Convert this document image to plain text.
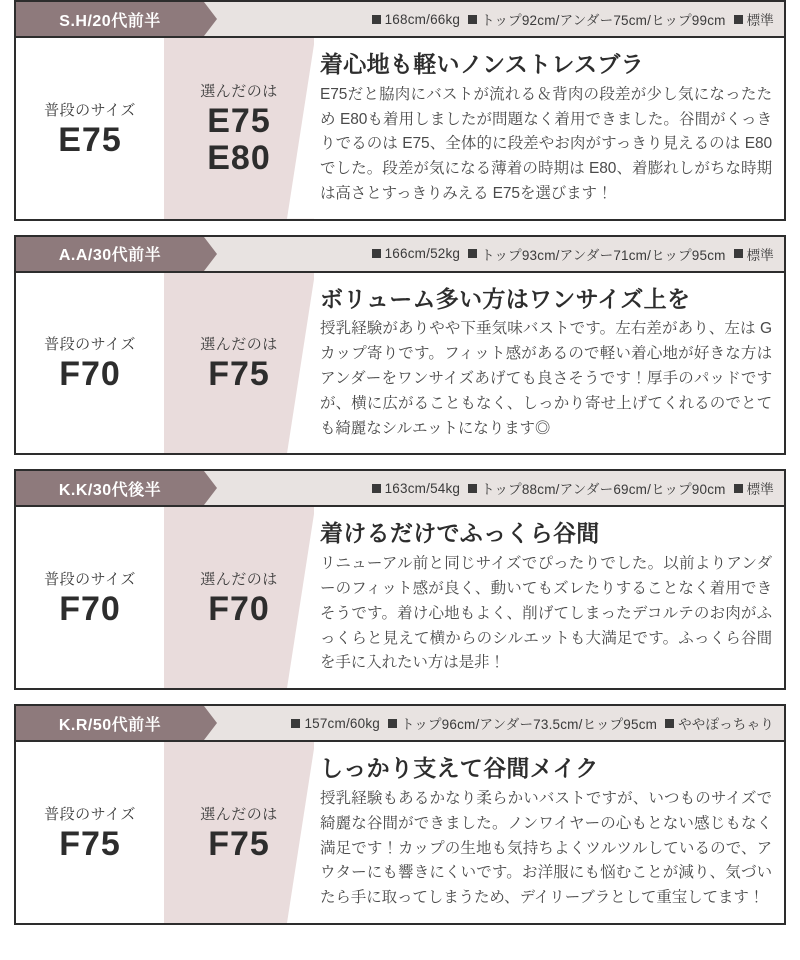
S.H/20代前半	168cm/66kg トップ92cm/アンダー75cm/ヒップ99cm 標準
普段のサイズ
E75
選んだのは
E75
E80
着心地も軽いノンストレスブラ
E75だと脇肉にバストが流れる＆背肉の段差が少し気になったため E80も着用しましたが問題なく着用できました。谷間がくっきりでるのは E75、全体的に段差やお肉がすっきり見えるのは E80でした。段差が気になる薄着の時期は E80、着膨れしがちな時期は高さとすっきりみえる E75を選びます！
A.A/30代前半	166cm/52kg トップ93cm/アンダー71cm/ヒップ95cm 標準
普段のサイズ
F70
選んだのは
F75
ボリューム多い方はワンサイズ上を
授乳経験がありやや下垂気味バストです。左右差があり、左は Gカップ寄りです。フィット感があるので軽い着心地が好きな方はアンダーをワンサイズあげても良さそうです！厚手のパッドですが、横に広がることもなく、しっかり寄せ上げてくれるのでとても綺麗なシルエットになります◎
K.K/30代後半	163cm/54kg トップ88cm/アンダー69cm/ヒップ90cm 標準
普段のサイズ
F70
選んだのは
F70
着けるだけでふっくら谷間
リニューアル前と同じサイズでぴったりでした。以前よりアンダーのフィット感が良く、動いてもズレたりすることなく着用できそうです。着け心地もよく、削げてしまったデコルテのお肉がふっくらと見えて横からのシルエットも大満足です。ふっくら谷間を手に入れたい方は是非！
K.R/50代前半	157cm/60kg トップ96cm/アンダー73.5cm/ヒップ95cm ややぽっちゃり
普段のサイズ
F75
選んだのは
F75
しっかり支えて谷間メイク
授乳経験もあるかなり柔らかいバストですが、いつものサイズで綺麗な谷間ができました。ノンワイヤーの心もとない感じもなく満足です！カップの生地も気持ちよくツルツルしているので、アウターにも響きにくいです。お洋服にも悩むことが減り、気づいたら手に取ってしまうため、デイリーブラとして重宝してます！
